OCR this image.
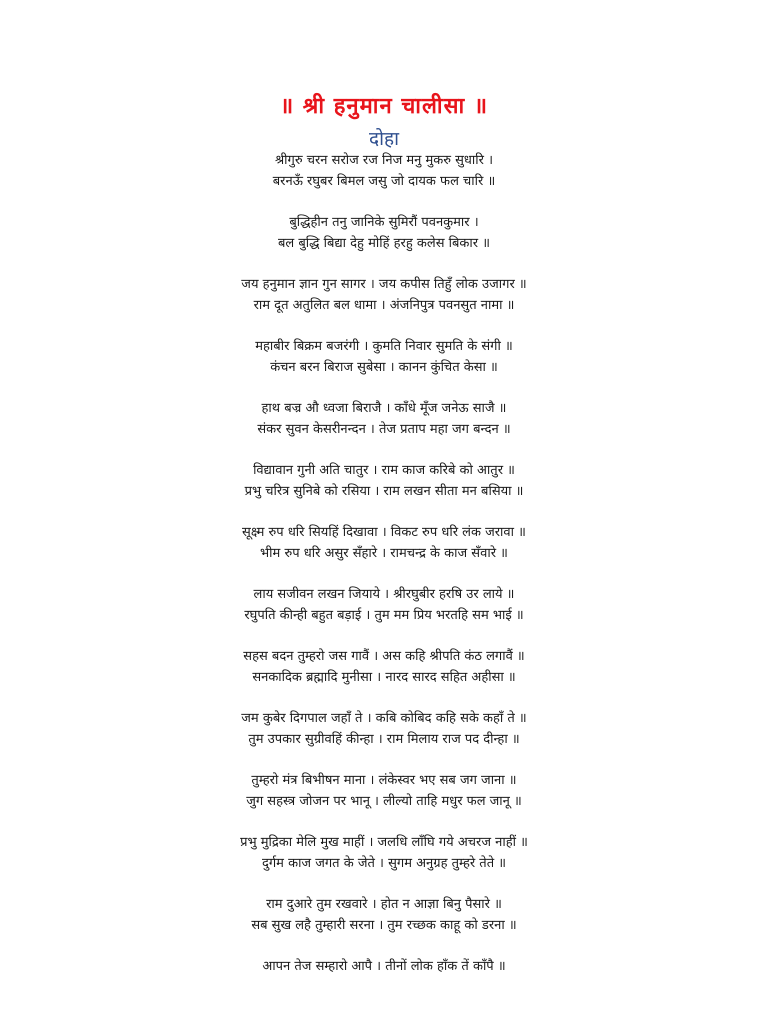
॥ श्री हनुमान चालीसा ॥
दोहा
श्रीगुरु चरन सरोज रज निज मनु मुकरु सुधारि ।
बरनऊँ रघुबर बिमल जसु जो दायक फल चारि ॥
बुद्धिहीन तनु जानिके सुमिरौं पवनकुमार ।
बल बुद्धि बिद्या देहु मोहिं हरहु कलेस बिकार ॥
जय हनुमान ज्ञान गुन सागर । जय कपीस तिहुँ लोक उजागर ॥
राम दूत अतुलित बल धामा । अंजनिपुत्र पवनसुत नामा ॥
महाबीर बिक्रम बजरंगी । कुमति निवार सुमति के संगी ॥
कंचन बरन बिराज सुबेसा । कानन कुंचित केसा ॥
हाथ बज्र औ ध्वजा बिराजै । काँधे मूँज जनेऊ साजै ॥
संकर सुवन केसरीनन्दन । तेज प्रताप महा जग बन्दन ॥
विद्यावान गुनी अति चातुर । राम काज करिबे को आतुर ॥
प्रभु चरित्र सुनिबे को रसिया । राम लखन सीता मन बसिया ॥
सूक्ष्म रुप धरि सियहिं दिखावा । विकट रुप धरि लंक जरावा ॥
भीम रुप धरि असुर सँहारे । रामचन्द्र के काज सँवारे ॥
लाय सजीवन लखन जियाये । श्रीरघुबीर हरषि उर लाये ॥
रघुपति कीन्ही बहुत बड़ाई । तुम मम प्रिय भरतहि सम भाई ॥
सहस बदन तुम्हरो जस गावैं । अस कहि श्रीपति कंठ लगावैं ॥
सनकादिक ब्रह्मादि मुनीसा । नारद सारद सहित अहीसा ॥
जम कुबेर दिगपाल जहाँ ते । कबि कोबिद कहि सके कहाँ ते ॥
तुम उपकार सुग्रीवहिं कीन्हा । राम मिलाय राज पद दीन्हा ॥
तुम्हरो मंत्र बिभीषन माना । लंकेस्वर भए सब जग जाना ॥
जुग सहस्त्र जोजन पर भानू । लील्यो ताहि मधुर फल जानू ॥
प्रभु मुद्रिका मेलि मुख माहीं । जलधि लाँघि गये अचरज नाहीं ॥
दुर्गम काज जगत के जेते । सुगम अनुग्रह तुम्हरे तेते ॥
राम दुआरे तुम रखवारे । होत न आज्ञा बिनु पैसारे ॥
सब सुख लहै तुम्हारी सरना । तुम रच्छक काहू को डरना ॥
आपन तेज सम्हारो आपै । तीनों लोक हाँक तें काँपै ॥
